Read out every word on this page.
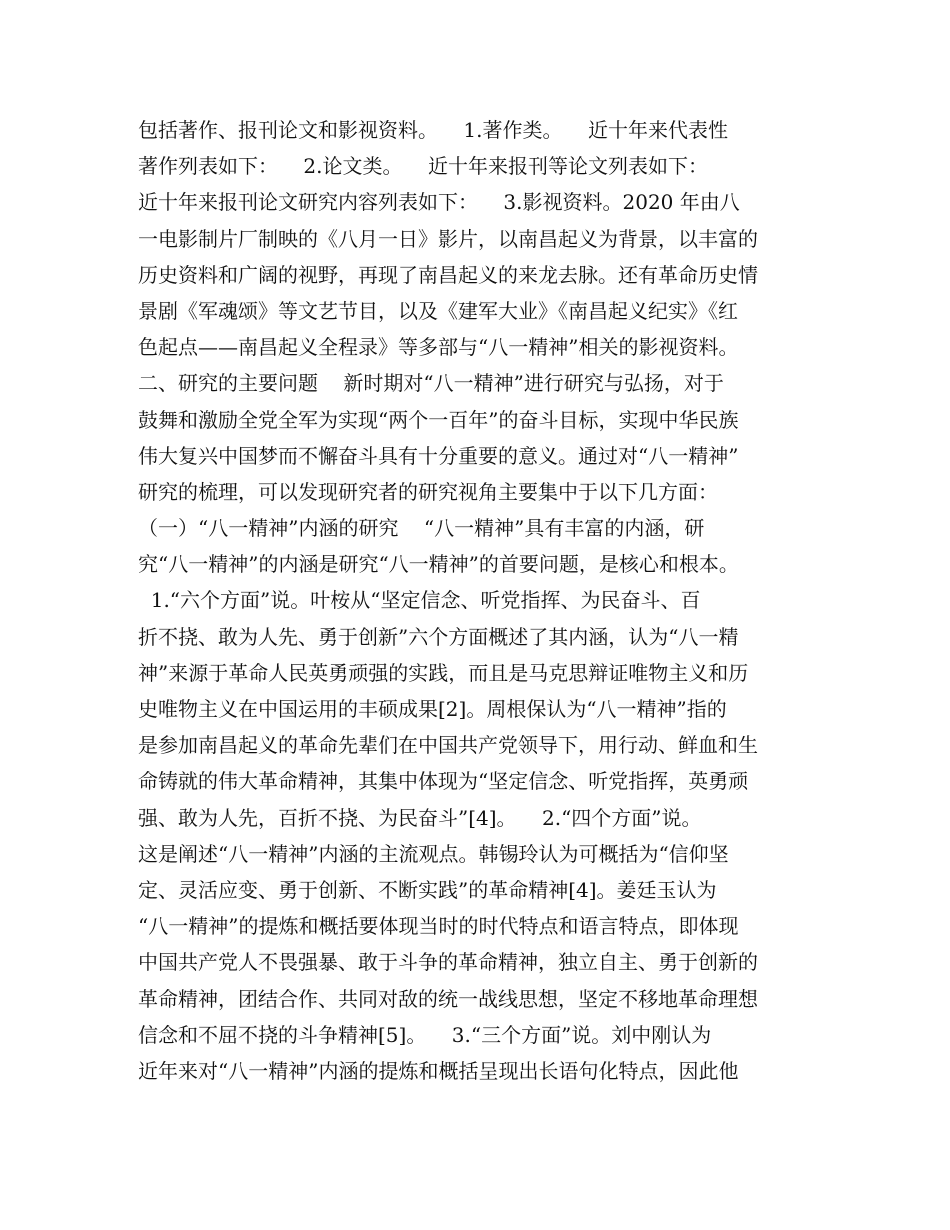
包括著作、报刊论文和影视资料。    1.著作类。    近十年来代表性
著作列表如下：    2.论文类。    近十年来报刊等论文列表如下：
近十年来报刊论文研究内容列表如下：    3.影视资料。2020 年由八
一电影制片厂制映的《八月一日》影片，以南昌起义为背景，以丰富的
历史资料和广阔的视野，再现了南昌起义的来龙去脉。还有革命历史情
景剧《军魂颂》等文艺节目，以及《建军大业》《南昌起义纪实》《红
色起点——南昌起义全程录》等多部与“八一精神”相关的影视资料。
二、研究的主要问题    新时期对“八一精神”进行研究与弘扬，对于
鼓舞和激励全党全军为实现“两个一百年”的奋斗目标，实现中华民族
伟大复兴中国梦而不懈奋斗具有十分重要的意义。通过对“八一精神”
研究的梳理，可以发现研究者的研究视角主要集中于以下几方面：
（一）“八一精神”内涵的研究    “八一精神”具有丰富的内涵，研
究“八一精神”的内涵是研究“八一精神”的首要问题，是核心和根本。
1.“六个方面”说。叶桉从“坚定信念、听党指挥、为民奋斗、百
折不挠、敢为人先、勇于创新”六个方面概述了其内涵，认为“八一精
神”来源于革命人民英勇顽强的实践，而且是马克思辩证唯物主义和历
史唯物主义在中国运用的丰硕成果[2]。周根保认为“八一精神”指的
是参加南昌起义的革命先辈们在中国共产党领导下，用行动、鲜血和生
命铸就的伟大革命精神，其集中体现为“坚定信念、听党指挥，英勇顽
强、敢为人先，百折不挠、为民奋斗”[4]。    2.“四个方面”说。
这是阐述“八一精神”内涵的主流观点。韩锡玲认为可概括为“信仰坚
定、灵活应变、勇于创新、不断实践”的革命精神[4]。姜廷玉认为
“八一精神”的提炼和概括要体现当时的时代特点和语言特点，即体现
中国共产党人不畏强暴、敢于斗争的革命精神，独立自主、勇于创新的
革命精神，团结合作、共同对敌的统一战线思想，坚定不移地革命理想
信念和不屈不挠的斗争精神[5]。    3.“三个方面”说。刘中刚认为
近年来对“八一精神”内涵的提炼和概括呈现出长语句化特点，因此他
